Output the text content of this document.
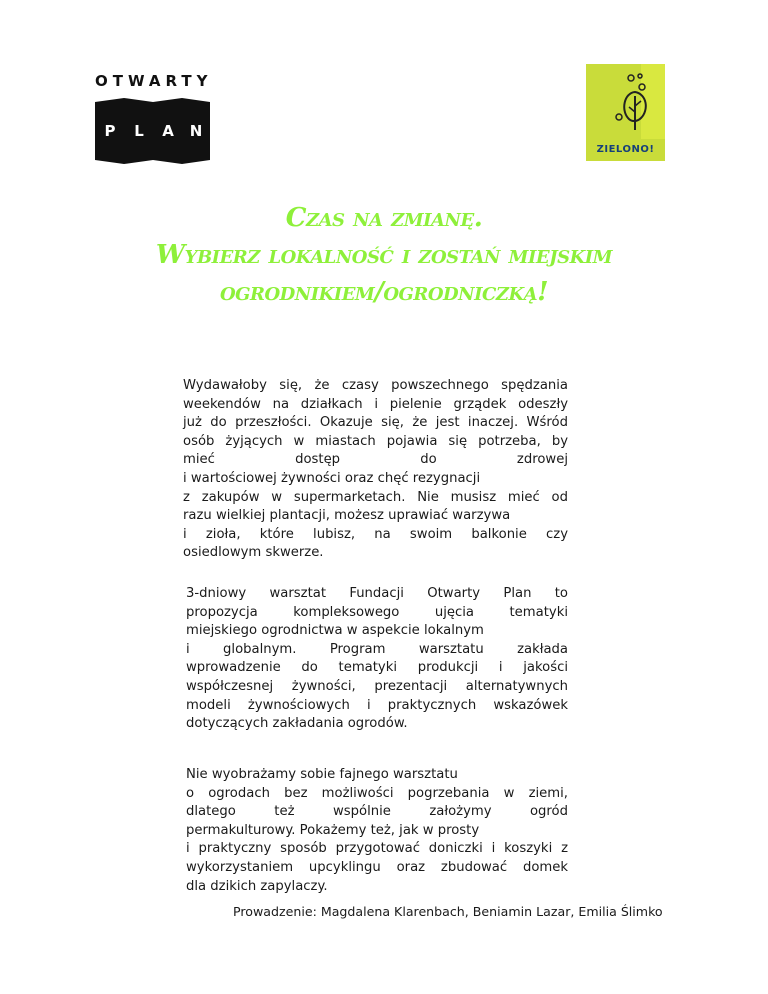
OTWARTY
P	L	A	N
ZIELONO!
Czas na zmianę.
Wybierz lokalność i zostań miejskim
ogrodnikiem/ogrodniczką!
Wydawałoby się, że czasy powszechnego spędzania
weekendów na działkach i pielenie grządek odeszły
już do przeszłości. Okazuje się, że jest inaczej. Wśród
osób żyjących w miastach pojawia się potrzeba, by
mieć dostęp do zdrowej
i wartościowej żywności oraz chęć rezygnacji
z zakupów w supermarketach. Nie musisz mieć od
razu wielkiej plantacji, możesz uprawiać warzywa
i zioła, które lubisz, na swoim balkonie czy
osiedlowym skwerze.
3-dniowy warsztat Fundacji Otwarty Plan to
propozycja kompleksowego ujęcia tematyki
miejskiego ogrodnictwa w aspekcie lokalnym
i globalnym. Program warsztatu zakłada
wprowadzenie do tematyki produkcji i jakości
współczesnej żywności, prezentacji alternatywnych
modeli żywnościowych i praktycznych wskazówek
dotyczących zakładania ogrodów.
Nie wyobrażamy sobie fajnego warsztatu
o ogrodach bez możliwości pogrzebania w ziemi,
dlatego też wspólnie założymy ogród
permakulturowy. Pokażemy też, jak w prosty
i praktyczny sposób przygotować doniczki i koszyki z
wykorzystaniem upcyklingu oraz zbudować domek
dla dzikich zapylaczy.
Prowadzenie: Magdalena Klarenbach, Beniamin Lazar, Emilia Ślimko
